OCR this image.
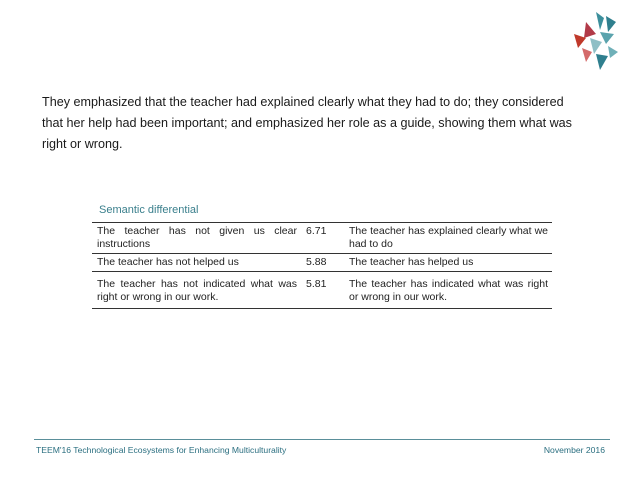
They emphasized that the teacher had explained clearly what they had to do; they considered
that her help had been important; and emphasized her role as a guide, showing them what was
right or wrong.
Semantic differential
The teacher has not given us clear instructions	6.71	The teacher has explained clearly what we had to do
The teacher has not helped us	5.88	The teacher has helped us
The teacher has not indicated what was right or wrong in our work.	5.81	The teacher has indicated what was right or wrong in our work.
TEEM'16 Technological Ecosystems for Enhancing Multiculturality	November 2016
